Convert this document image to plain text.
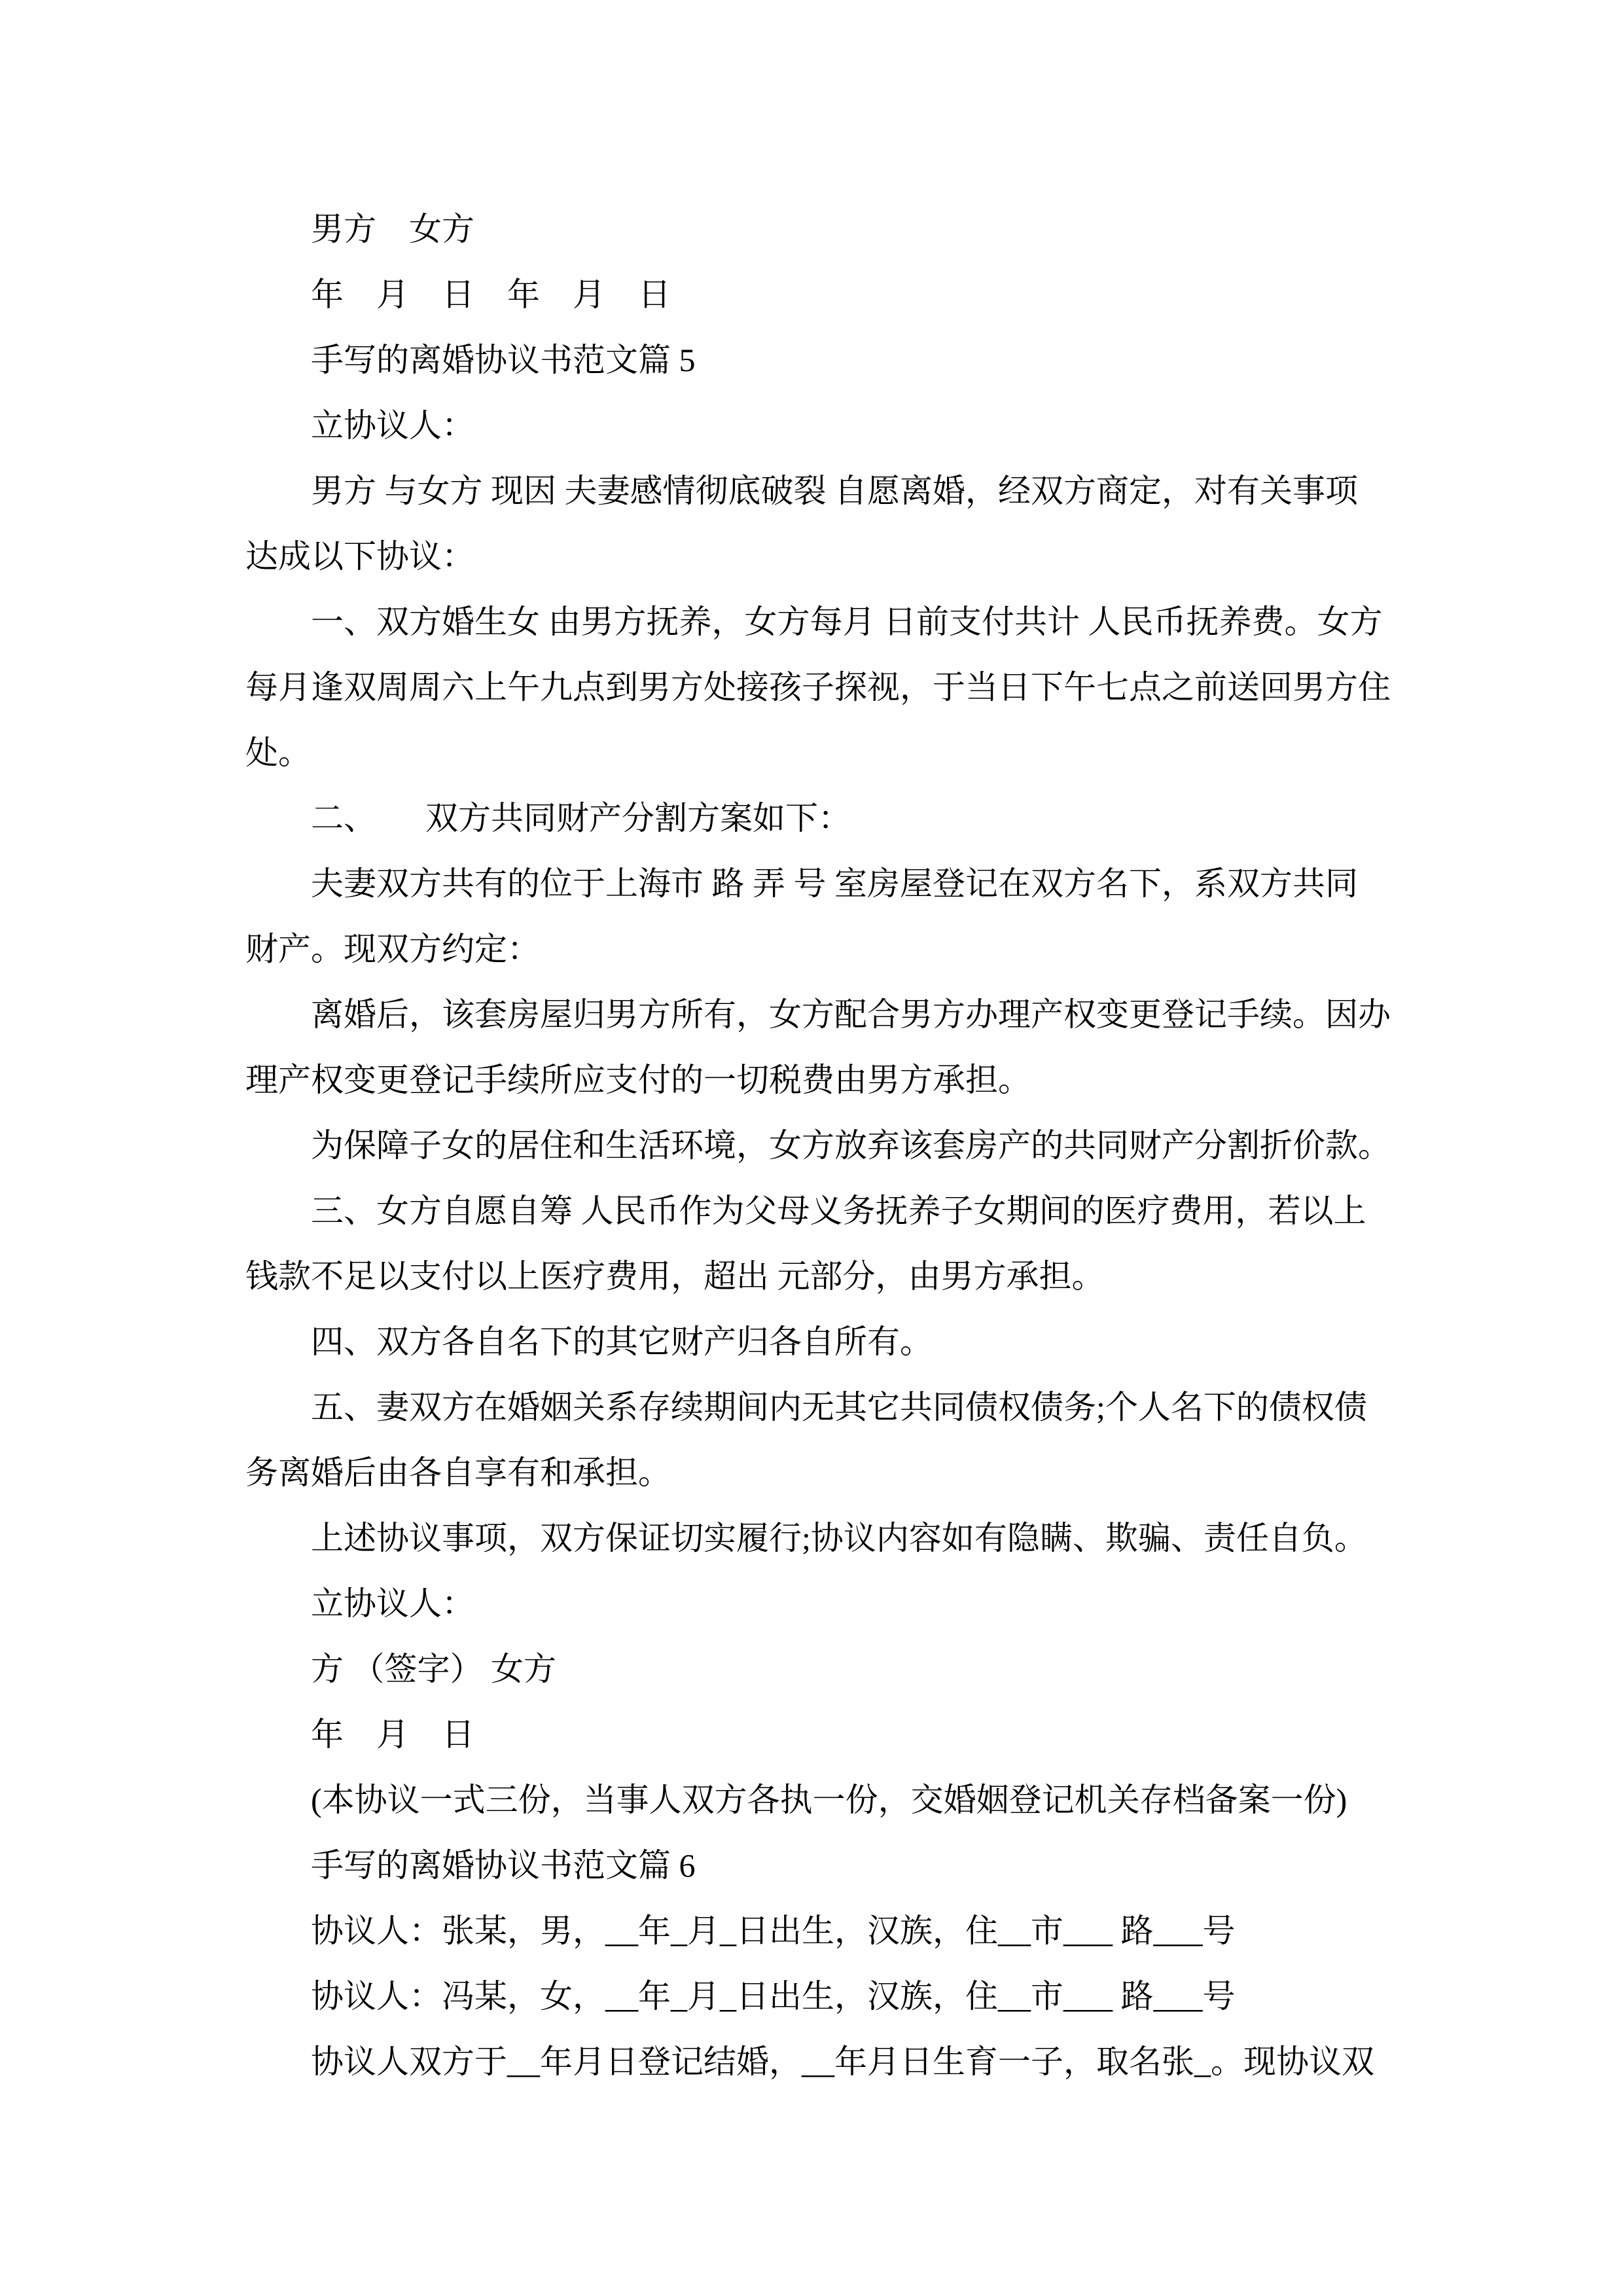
男方　女方

年　月　日　年　月　日

手写的离婚协议书范文篇 5

立协议人：

男方 与女方 现因 夫妻感情彻底破裂 自愿离婚，经双方商定，对有关事项

达成以下协议：

一、双方婚生女 由男方抚养，女方每月 日前支付共计 人民币抚养费。女方

每月逢双周周六上午九点到男方处接孩子探视，于当日下午七点之前送回男方住

处。

二、　　双方共同财产分割方案如下：

夫妻双方共有的位于上海市 路 弄 号 室房屋登记在双方名下，系双方共同

财产。现双方约定：

离婚后，该套房屋归男方所有，女方配合男方办理产权变更登记手续。因办

理产权变更登记手续所应支付的一切税费由男方承担。

为保障子女的居住和生活环境，女方放弃该套房产的共同财产分割折价款。

三、女方自愿自筹 人民币作为父母义务抚养子女期间的医疗费用，若以上

钱款不足以支付以上医疗费用，超出 元部分，由男方承担。

四、双方各自名下的其它财产归各自所有。

五、妻双方在婚姻关系存续期间内无其它共同债权债务;个人名下的债权债

务离婚后由各自享有和承担。

上述协议事项，双方保证切实履行;协议内容如有隐瞒、欺骗、责任自负。

立协议人：

方 （签字） 女方

年　月　日

(本协议一式三份，当事人双方各执一份，交婚姻登记机关存档备案一份)

手写的离婚协议书范文篇 6

协议人：张某，男，__年_月_日出生，汉族，住__市___ 路___号

协议人：冯某，女，__年_月_日出生，汉族，住__市___ 路___号

协议人双方于__年月日登记结婚，__年月日生育一子，取名张_。现协议双
